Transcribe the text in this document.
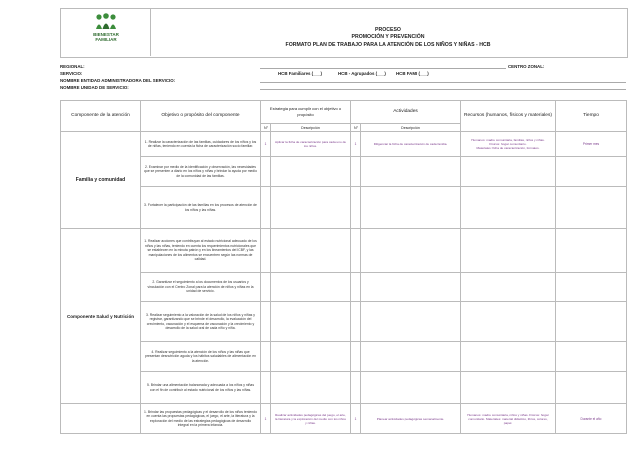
BIENESTAR
FAMILIAR
PROCESO
PROMOCIÓN Y PREVENCIÓN
FORMATO PLAN DE TRABAJO PARA LA ATENCIÓN DE LOS NIÑOS Y NIÑAS - HCB
REGIONAL:	CENTRO ZONAL:
SERVICIO:	HCB Familiares (___)	HCB - Agrupados (___) HCB FAMI (___)
NOMBRE ENTIDAD ADMINISTRADORA DEL SERVICIO:
NOMBRE UNIDAD DE SERVICIO:
Componente de la atención	Objetivo o propósito del componente	Estrategia para cumplir con el objetivo o propósito		Actividades		Recursos (humanos, físicos y materiales)	Tiempo
		N°	Descripción	N°	Descripción		
Familia y comunidad	1. Realizar la caracterización de las familias, cuidadores de los niños y los de niñas, teniendo en cuenta la ficha de caracterización socio familiar.	1	Aplicar la ficha de caracterización para cada uno de los niños.	1	Diligenciar la ficha de caracterización de cada familia.	Humanos: madre comunitaria, familias, niños y niñas.
Físicos: hogar comunitario.
Materiales: ficha de caracterización, formatos.	Primer mes
	2. Examinar por medio de la identificación y observación, las necesidades que se presenten a diario en los niños y niñas y brindar la ayuda por medio de la comunidad de las familias.						
	3. Fortalecer la participación de las familias en los procesos de atención de los niños y las niñas.						
Componente Salud y Nutrición	1. Realizar acciones que contribuyan al estado nutricional adecuado de los niños y las niñas, teniendo en cuenta los requerimientos nutricionales que se establecen en la minuta patrón y en los lineamientos del ICBF, y las manipulaciones de los alimentos se encuentren según las normas de calidad.						
	2. Garantizar el seguimiento a los documentos de los usuarios y vinculación con el Centro Zonal para la atención de niños y niñas en la unidad de servicio.						
	3. Realizar seguimiento a la valoración de la salud de los niños y niñas y registrar, garantizando que se brinde el desarrollo, la evaluación del crecimiento, vacunación y el esquema de vacunación y la crecimiento y desarrollo de la salud oral de cada niño y niña.						
	4. Realizar seguimiento a la atención de los niños y las niñas que presentan desnutrición aguda y los hábitos saludables de alimentación en la atención.						
	5. Brindar una alimentación balanceada y adecuada a los niños y niñas con el fin de contribuir al estado nutricional de los niños y las niñas.						
	1. Brindar las propuestas pedagógicas y el desarrollo de los niños teniendo en cuenta las propuestas pedagógicas, el juego, el arte, la literatura y la exploración del medio de las estrategias pedagógicas de desarrollo integral en la primera infancia.	1	Realizar actividades pedagógicas del juego, el arte, la literatura y la exploración del medio con los niños y niñas.	1	Planear actividades pedagógicas semanalmente.	Humanos: madre comunitaria, niños y niñas. Físicos: hogar comunitario. Materiales: material didáctico, libros, colores, papel.	Durante el año
